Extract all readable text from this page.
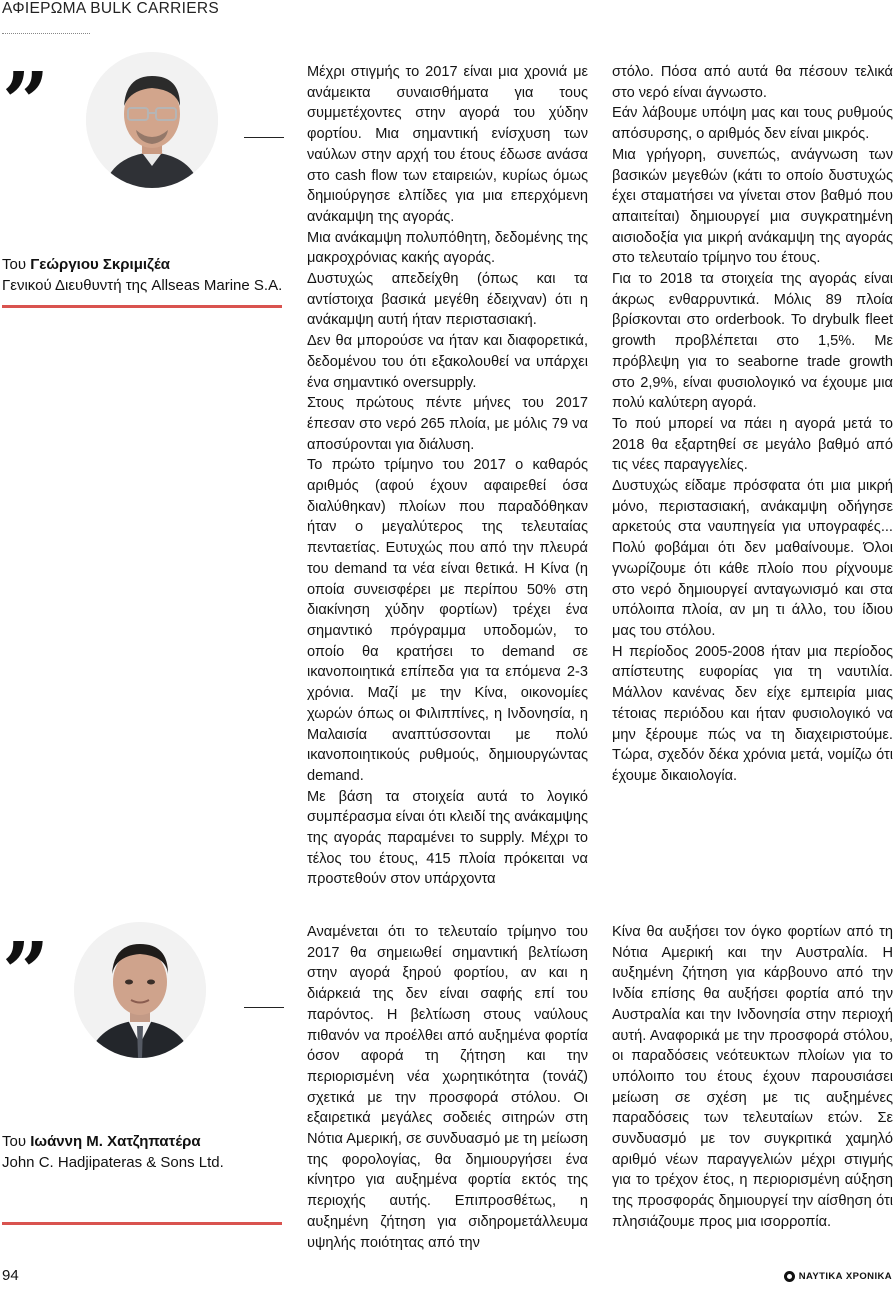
ΑΦΙΕΡΩΜΑ BULK CARRIERS
”
Του Γεώργιου Σκριμιζέα
Γενικού Διευθυντή της Allseas Marine S.A.

Μέχρι στιγμής το 2017 είναι μια χρονιά με ανάμεικτα συναισθήματα για τους συμμετέχοντες στην αγορά του χύδην φορτίου. Μια σημαντική ενίσχυση των ναύλων στην αρχή του έτους έδωσε ανάσα στο cash flow των εταιρειών, κυρίως όμως δημιούργησε ελπίδες για μια επερχόμενη ανάκαμψη της αγοράς.

Μια ανάκαμψη πολυπόθητη, δεδομένης της μακροχρόνιας κακής αγοράς.

Δυστυχώς απεδείχθη (όπως και τα αντίστοιχα βασικά μεγέθη έδειχναν) ότι η ανάκαμψη αυτή ήταν περιστασιακή.

Δεν θα μπορούσε να ήταν και διαφορετικά, δεδομένου του ότι εξακολουθεί να υπάρχει ένα σημαντικό oversupply.

Στους πρώτους πέντε μήνες του 2017 έπεσαν στο νερό 265 πλοία, με μόλις 79 να αποσύρονται για διάλυση.

Το πρώτο τρίμηνο του 2017 ο καθαρός αριθμός (αφού έχουν αφαιρεθεί όσα διαλύθηκαν) πλοίων που παραδόθηκαν ήταν ο μεγαλύτερος της τελευταίας πενταετίας. Ευτυχώς που από την πλευρά του demand τα νέα είναι θετικά. Η Κίνα (η οποία συνεισφέρει με περίπου 50% στη διακίνηση χύδην φορτίων) τρέχει ένα σημαντικό πρόγραμμα υποδομών, το οποίο θα κρατήσει το demand σε ικανοποιητικά επίπεδα για τα επόμενα 2-3 χρόνια. Μαζί με την Κίνα, οικονομίες χωρών όπως οι Φιλιππίνες, η Ινδονησία, η Μαλαισία αναπτύσσονται με πολύ ικανοποιητικούς ρυθμούς, δημιουργώντας demand.

Με βάση τα στοιχεία αυτά το λογικό συμπέρασμα είναι ότι κλειδί της ανάκαμψης της αγοράς παραμένει το supply. Μέχρι το τέλος του έτους, 415 πλοία πρόκειται να προστεθούν στον υπάρχοντα

στόλο. Πόσα από αυτά θα πέσουν τελικά στο νερό είναι άγνωστο.

Εάν λάβουμε υπόψη μας και τους ρυθμούς απόσυρσης, ο αριθμός δεν είναι μικρός.

Μια γρήγορη, συνεπώς, ανάγνωση των βασικών μεγεθών (κάτι το οποίο δυστυχώς έχει σταματήσει να γίνεται στον βαθμό που απαιτείται) δημιουργεί μια συγκρατημένη αισιοδοξία για μικρή ανάκαμψη της αγοράς στο τελευταίο τρίμηνο του έτους.

Για το 2018 τα στοιχεία της αγοράς είναι άκρως ενθαρρυντικά. Μόλις 89 πλοία βρίσκονται στο orderbook. Το drybulk fleet growth προβλέπεται στο 1,5%. Με πρόβλεψη για το seaborne trade growth στο 2,9%, είναι φυσιολογικό να έχουμε μια πολύ καλύτερη αγορά.

Το πού μπορεί να πάει η αγορά μετά το 2018 θα εξαρτηθεί σε μεγάλο βαθμό από τις νέες παραγγελίες.

Δυστυχώς είδαμε πρόσφατα ότι μια μικρή μόνο, περιστασιακή, ανάκαμψη οδήγησε αρκετούς στα ναυπηγεία για υπογραφές... Πολύ φοβάμαι ότι δεν μαθαίνουμε. Όλοι γνωρίζουμε ότι κάθε πλοίο που ρίχνουμε στο νερό δημιουργεί ανταγωνισμό και στα υπόλοιπα πλοία, αν μη τι άλλο, του ίδιου μας του στόλου.

Η περίοδος 2005-2008 ήταν μια περίοδος απίστευτης ευφορίας για τη ναυτιλία. Μάλλον κανένας δεν είχε εμπειρία μιας τέτοιας περιόδου και ήταν φυσιολογικό να μην ξέρουμε πώς να τη διαχειριστούμε. Τώρα, σχεδόν δέκα χρόνια μετά, νομίζω ότι έχουμε δικαιολογία.

”
Του Ιωάννη Μ. Χατζηπατέρα
John C. Hadjipateras & Sons Ltd.

Αναμένεται ότι το τελευταίο τρίμηνο του 2017 θα σημειωθεί σημαντική βελτίωση στην αγορά ξηρού φορτίου, αν και η διάρκειά της δεν είναι σαφής επί του παρόντος. Η βελτίωση στους ναύλους πιθανόν να προέλθει από αυξημένα φορτία όσον αφορά τη ζήτηση και την περιορισμένη νέα χωρητικότητα (τονάζ) σχετικά με την προσφορά στόλου. Οι εξαιρετικά μεγάλες σοδειές σιτηρών στη Νότια Αμερική, σε συνδυασμό με τη μείωση της φορολογίας, θα δημιουργήσει ένα κίνητρο για αυξημένα φορτία εκτός της περιοχής αυτής. Επιπροσθέτως, η αυξημένη ζήτηση για σιδηρομετάλλευμα υψηλής ποιότητας από την

Κίνα θα αυξήσει τον όγκο φορτίων από τη Νότια Αμερική και την Αυστραλία. Η αυξημένη ζήτηση για κάρβουνο από την Ινδία επίσης θα αυξήσει φορτία από την Αυστραλία και την Ινδονησία στην περιοχή αυτή. Αναφορικά με την προσφορά στόλου, οι παραδόσεις νεότευκτων πλοίων για το υπόλοιπο του έτους έχουν παρουσιάσει μείωση σε σχέση με τις αυξημένες παραδόσεις των τελευταίων ετών. Σε συνδυασμό με τον συγκριτικά χαμηλό αριθμό νέων παραγγελιών μέχρι στιγμής για το τρέχον έτος, η περιορισμένη αύξηση της προσφοράς δημιουργεί την αίσθηση ότι πλησιάζουμε προς μια ισορροπία.

94	ΝΑΥΤΙΚΑ ΧΡΟΝΙΚΑ
